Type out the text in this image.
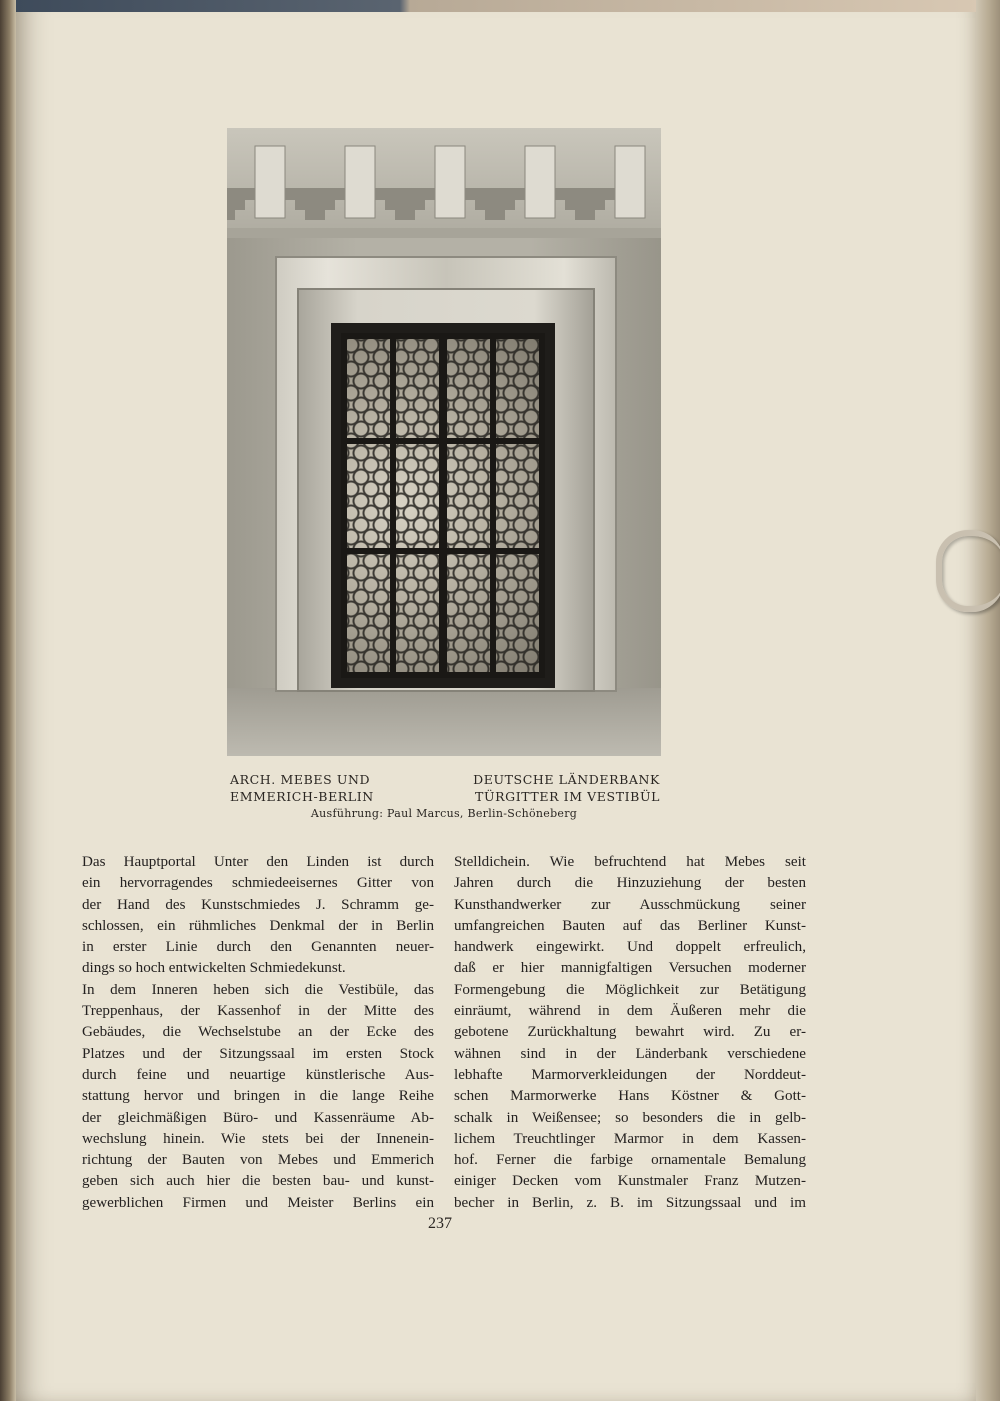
ARCH. MEBES UND
EMMERICH-BERLIN
DEUTSCHE LÄNDERBANK
TÜRGITTER IM VESTIBÜL
Ausführung: Paul Marcus, Berlin-Schöneberg

Das Hauptportal Unter den Linden ist durch

ein hervorragendes schmiedeeisernes Gitter von

der Hand des Kunstschmiedes J. Schramm ge-

schlossen, ein rühmliches Denkmal der in Berlin

in erster Linie durch den Genannten neuer-

dings so hoch entwickelten Schmiedekunst.

In dem Inneren heben sich die Vestibüle, das

Treppenhaus, der Kassenhof in der Mitte des

Gebäudes, die Wechselstube an der Ecke des

Platzes und der Sitzungssaal im ersten Stock

durch feine und neuartige künstlerische Aus-

stattung hervor und bringen in die lange Reihe

der gleichmäßigen Büro- und Kassenräume Ab-

wechslung hinein. Wie stets bei der Innenein-

richtung der Bauten von Mebes und Emmerich

geben sich auch hier die besten bau- und kunst-

gewerblichen Firmen und Meister Berlins ein

Stelldichein. Wie befruchtend hat Mebes seit

Jahren durch die Hinzuziehung der besten

Kunsthandwerker zur Ausschmückung seiner

umfangreichen Bauten auf das Berliner Kunst-

handwerk eingewirkt. Und doppelt erfreulich,

daß er hier mannigfaltigen Versuchen moderner

Formengebung die Möglichkeit zur Betätigung

einräumt, während in dem Äußeren mehr die

gebotene Zurückhaltung bewahrt wird. Zu er-

wähnen sind in der Länderbank verschiedene

lebhafte Marmorverkleidungen der Norddeut-

schen Marmorwerke Hans Köstner & Gott-

schalk in Weißensee; so besonders die in gelb-

lichem Treuchtlinger Marmor in dem Kassen-

hof. Ferner die farbige ornamentale Bemalung

einiger Decken vom Kunstmaler Franz Mutzen-

becher in Berlin, z. B. im Sitzungssaal und im

237
